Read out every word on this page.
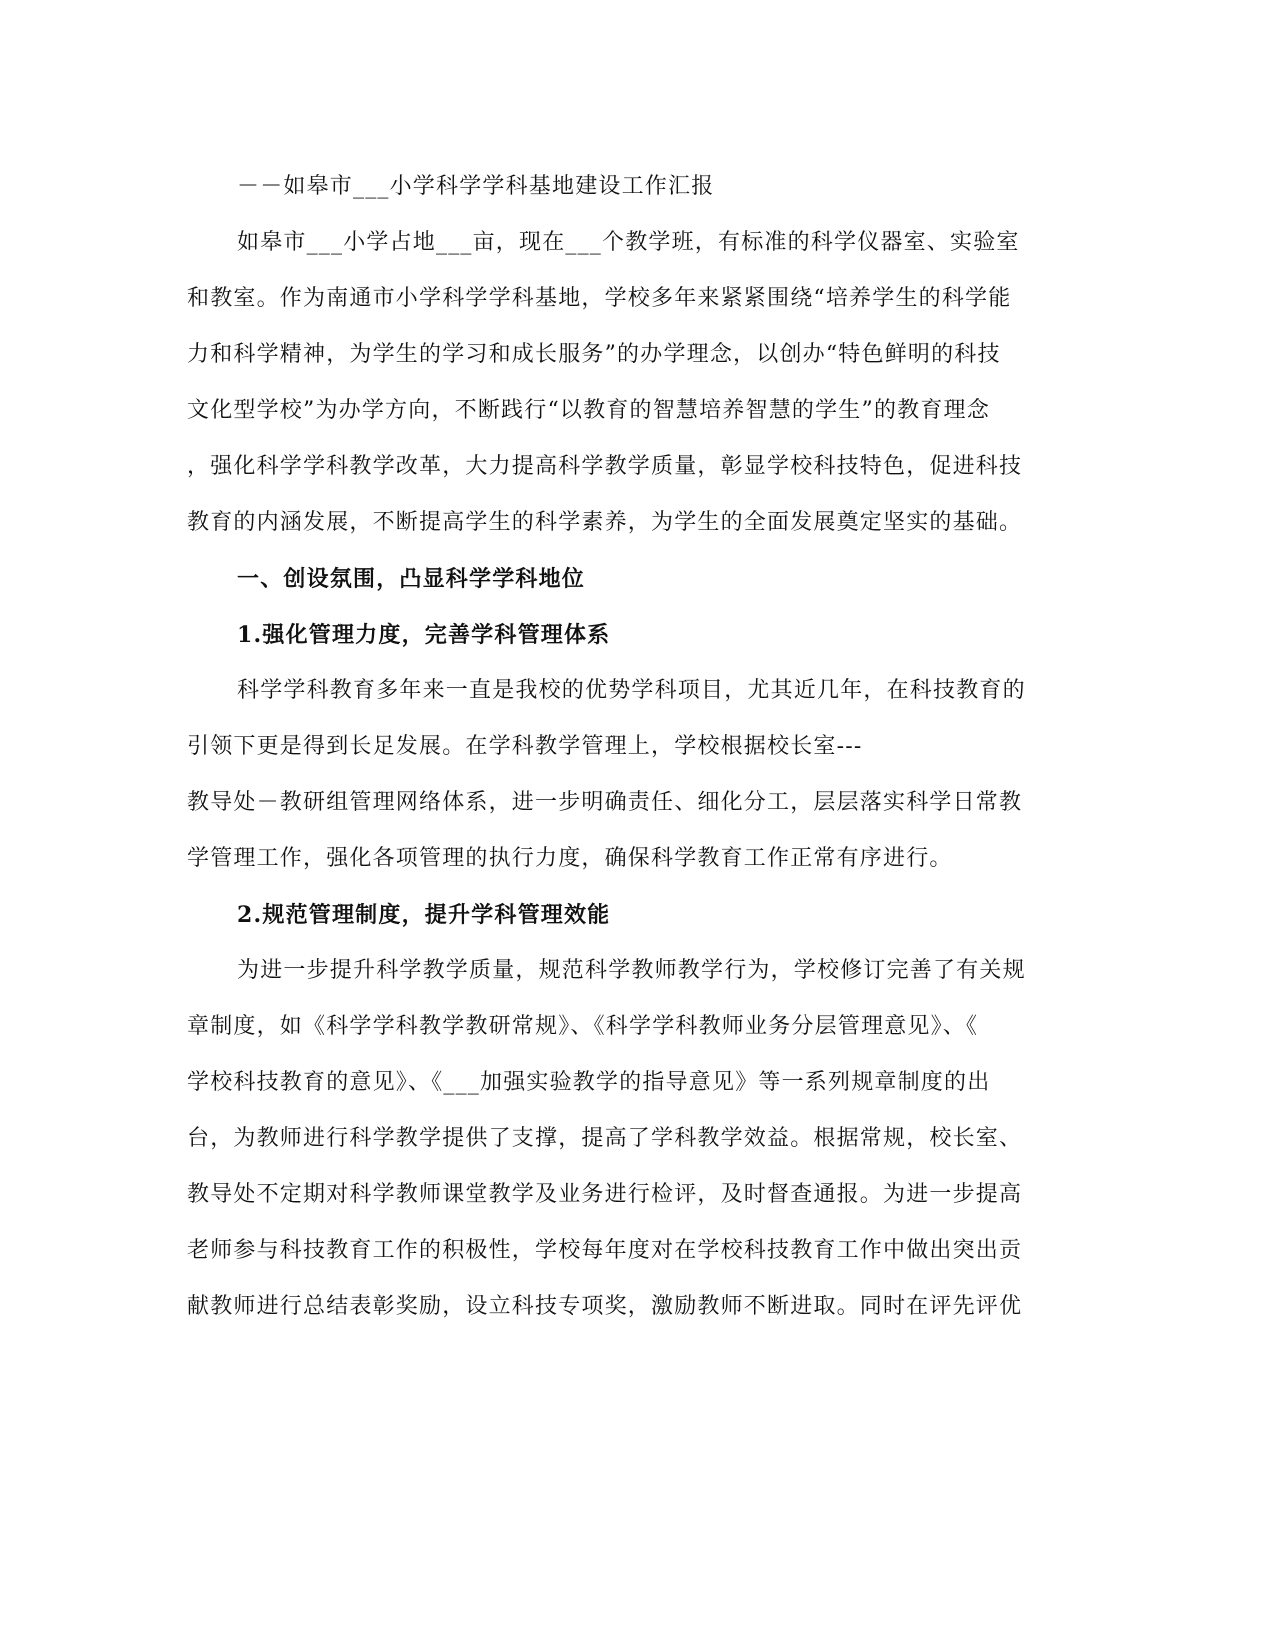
－－如皋市___小学科学学科基地建设工作汇报
如皋市___小学占地___亩，现在___个教学班，有标准的科学仪器室、实验室
和教室。作为南通市小学科学学科基地，学校多年来紧紧围绕“培养学生的科学能
力和科学精神，为学生的学习和成长服务”的办学理念，以创办“特色鲜明的科技
文化型学校”为办学方向，不断践行“以教育的智慧培养智慧的学生”的教育理念
，强化科学学科教学改革，大力提高科学教学质量，彰显学校科技特色，促进科技
教育的内涵发展，不断提高学生的科学素养，为学生的全面发展奠定坚实的基础。
一、创设氛围，凸显科学学科地位
1.强化管理力度，完善学科管理体系
科学学科教育多年来一直是我校的优势学科项目，尤其近几年，在科技教育的
引领下更是得到长足发展。在学科教学管理上，学校根据校长室---
教导处－教研组管理网络体系，进一步明确责任、细化分工，层层落实科学日常教
学管理工作，强化各项管理的执行力度，确保科学教育工作正常有序进行。
2.规范管理制度，提升学科管理效能
为进一步提升科学教学质量，规范科学教师教学行为，学校修订完善了有关规
章制度，如《科学学科教学教研常规》、《科学学科教师业务分层管理意见》、《
学校科技教育的意见》、《___加强实验教学的指导意见》等一系列规章制度的出
台，为教师进行科学教学提供了支撑，提高了学科教学效益。根据常规，校长室、
教导处不定期对科学教师课堂教学及业务进行检评，及时督查通报。为进一步提高
老师参与科技教育工作的积极性，学校每年度对在学校科技教育工作中做出突出贡
献教师进行总结表彰奖励，设立科技专项奖，激励教师不断进取。同时在评先评优
